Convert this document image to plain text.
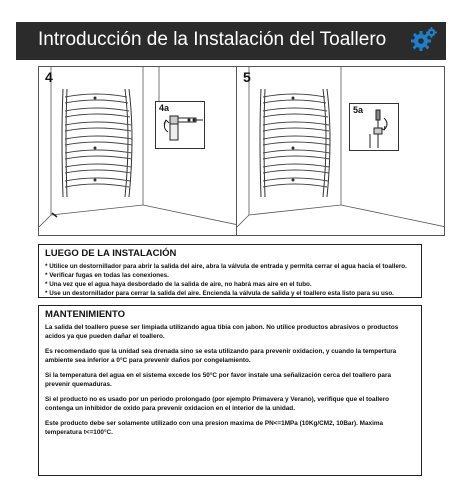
Introducción de la Instalación del Toallero
4
4a
5
5a
LUEGO DE LA INSTALACIÓN
* Utilice un destornillador para abrir la salida del aire, abra la válvula de entrada y permita cerrar el agua hacia el toallero.
* Verificar fugas en todas las conexiones.
* Una vez que el agua haya desbordado de la salida de aire, no habrá mas aire en el tubo.
* Use un destornillador para cerrar la salida del aire. Encienda la válvula de salida y el toallero esta listo para su uso.
MANTENIMIENTO

La salida del toallero puese ser limpiada utilizando agua tibia con jabon. No utilice productos abrasivos o productos acidos ya que pueden dañar el toallero.

Es recomendado que la unidad sea drenada sino se esta utilizando para prevenir oxidacion, y cuando la tempertura ambiente sea inferior a 0°C para prevenir daños por congelamiento.

Si la temperatura del agua en el sistema excede los 50°C por favor instale una señalización cerca del toallero para prevenir quemaduras.

Si el producto no es usado por un periodo prolongado (por ejemplo Primavera y Verano), verifique que el toallero contenga un inhibidor de oxido para prevenir oxidacion en el interior de la unidad.

Este producto debe ser solamente utilizado con una presion maxima de PN<=1MPa (10Kg/CM2, 10Bar). Maxima temperatura t<=100°C.
